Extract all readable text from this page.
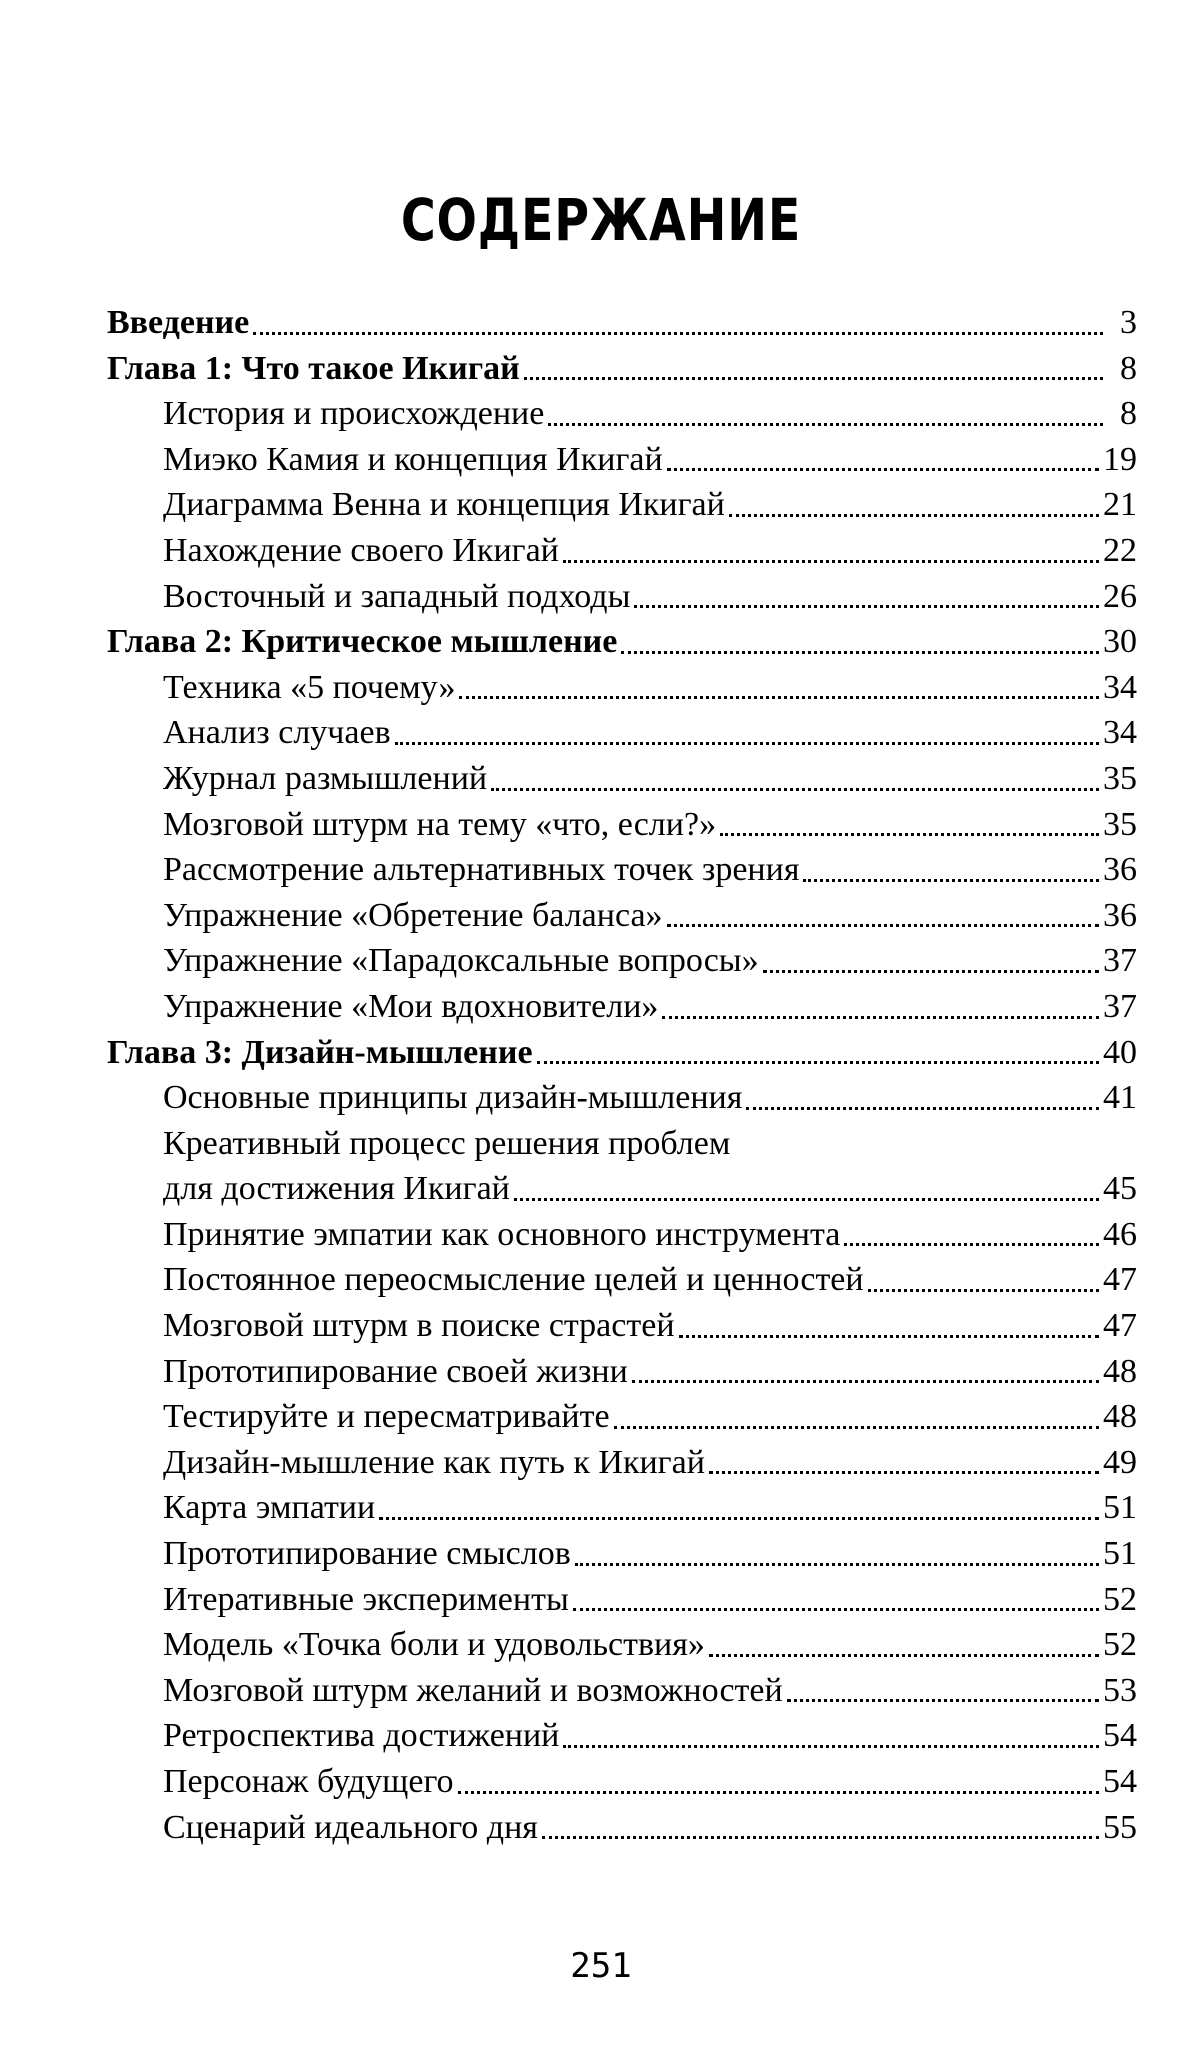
СОДЕРЖАНИЕ
Введение	3
Глава 1: Что такое Икигай	8
История и происхождение	8
Миэко Камия и концепция Икигай	19
Диаграмма Венна и концепция Икигай	21
Нахождение своего Икигай	22
Восточный и западный подходы	26
Глава 2: Критическое мышление	30
Техника «5 почему»	34
Анализ случаев	34
Журнал размышлений	35
Мозговой штурм на тему «что, если?»	35
Рассмотрение альтернативных точек зрения	36
Упражнение «Обретение баланса»	36
Упражнение «Парадоксальные вопросы»	37
Упражнение «Мои вдохновители»	37
Глава 3: Дизайн-мышление	40
Основные принципы дизайн-мышления	41
Креативный процесс решения проблем
для достижения Икигай	45
Принятие эмпатии как основного инструмента	46
Постоянное переосмысление целей и ценностей	47
Мозговой штурм в поиске страстей	47
Прототипирование своей жизни	48
Тестируйте и пересматривайте	48
Дизайн-мышление как путь к Икигай	49
Карта эмпатии	51
Прототипирование смыслов	51
Итеративные эксперименты	52
Модель «Точка боли и удовольствия»	52
Мозговой штурм желаний и возможностей	53
Ретроспектива достижений	54
Персонаж будущего	54
Сценарий идеального дня	55
251
